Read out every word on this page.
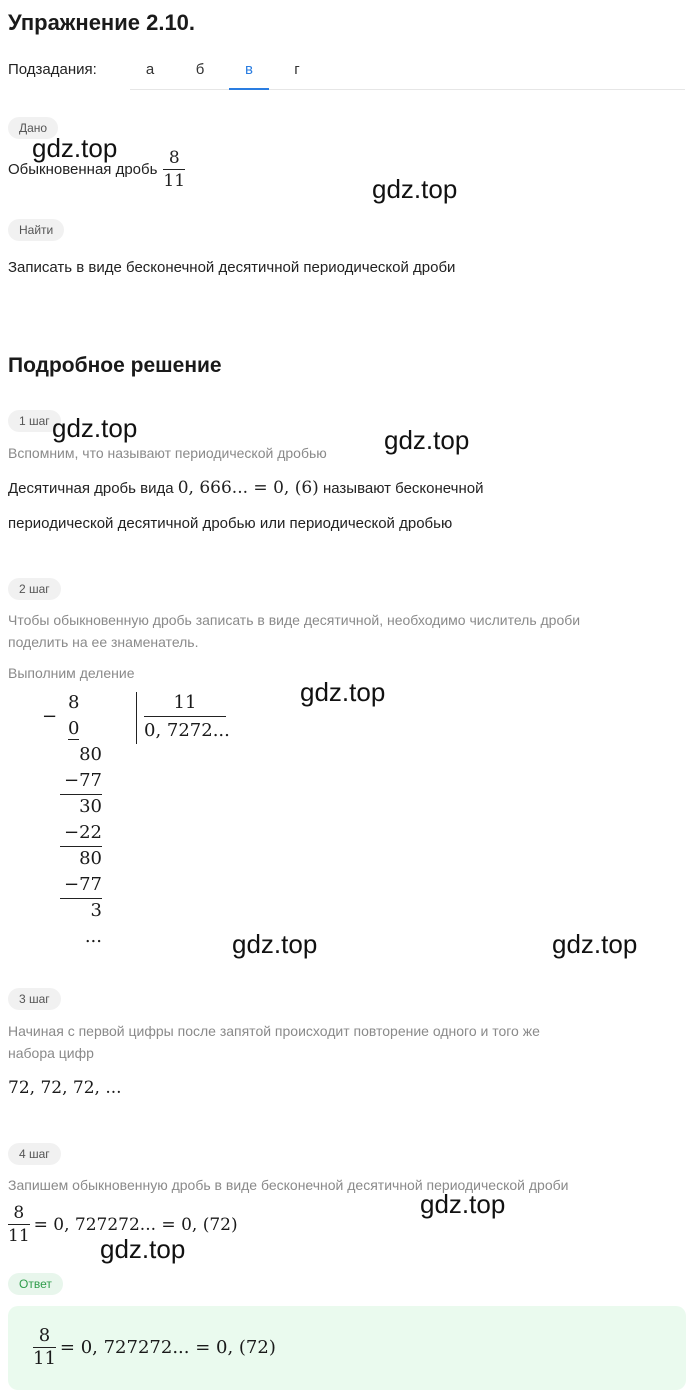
Упражнение 2.10.
Подзадания:	а	б	в	г
Дано
Обыкновенная дробь $\frac{8}{11}$
Найти
Записать в виде бесконечной десятичной периодической дроби
Подробное решение
1 шаг
Вспомним, что называют периодической дробью
Десятичная дробь вида 0, 666... = 0, (6) называют бесконечной
периодической десятичной дробью или периодической дробью
2 шаг
Чтобы обыкновенную дробь записать в виде десятичной, необходимо числитель дроби
поделить на ее знаменатель.
Выполним деление
−
8
0
11
0, 7272...
80
−77
30
−22
80
−77
3
...
3 шаг
Начиная с первой цифры после запятой происходит повторение одного и того же
набора цифр
72, 72, 72, ...
4 шаг
Запишем обыкновенную дробь в виде бесконечной десятичной периодической дроби
$\frac{8}{11} = 0$, 727272... = 0, (72)
Ответ
$\frac{8}{11} = 0$, 727272... = 0, (72)
gdz.top
gdz.top
gdz.top	gdz.top
gdz.top
gdz.top	gdz.top
gdz.top
gdz.top
